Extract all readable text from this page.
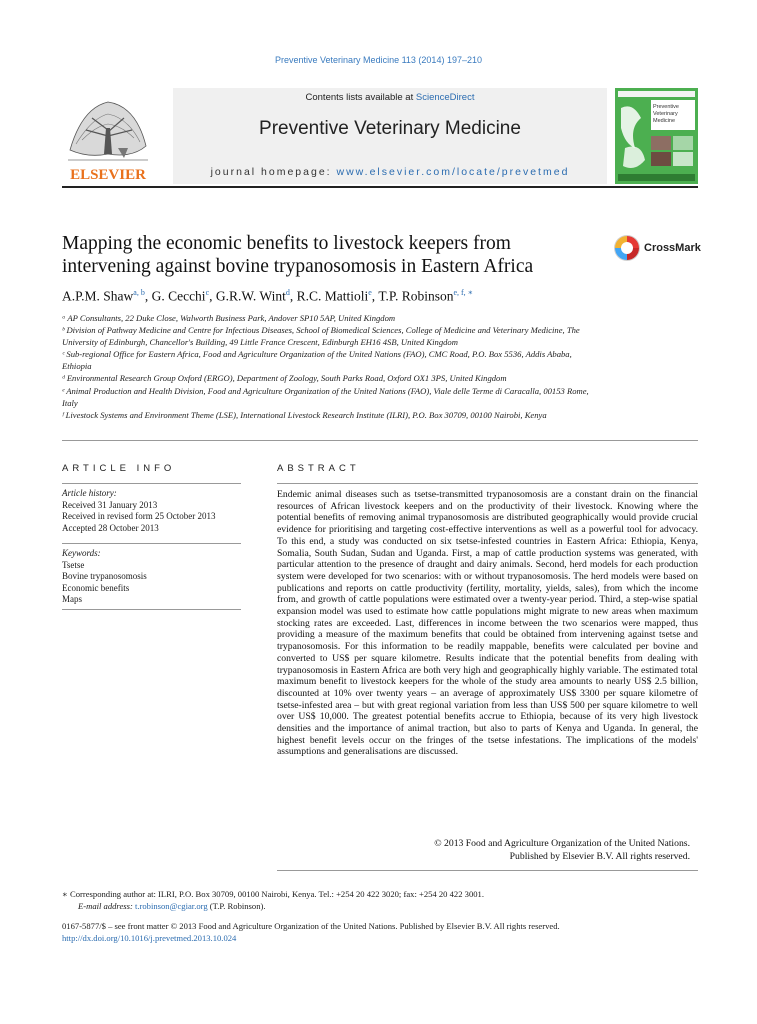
Preventive Veterinary Medicine 113 (2014) 197–210
ELSEVIER
Contents lists available at ScienceDirect
Preventive Veterinary Medicine
journal homepage: www.elsevier.com/locate/prevetmed
Preventive
Veterinary
Medicine
Mapping the economic benefits to livestock keepers from intervening against bovine trypanosomosis in Eastern Africa
CrossMark
A.P.M. Shaw$^{a, b}$, G. Cecchi$^c$, G.R.W. Wint$^d$, R.C. Mattioli$^e$, T.P. Robinson$^{e, f, ∗}$
ᵃ AP Consultants, 22 Duke Close, Walworth Business Park, Andover SP10 5AP, United Kingdom
ᵇ Division of Pathway Medicine and Centre for Infectious Diseases, School of Biomedical Sciences, College of Medicine and Veterinary Medicine, The University of Edinburgh, Chancellor's Building, 49 Little France Crescent, Edinburgh EH16 4SB, United Kingdom
ᶜ Sub-regional Office for Eastern Africa, Food and Agriculture Organization of the United Nations (FAO), CMC Road, P.O. Box 5536, Addis Ababa, Ethiopia
ᵈ Environmental Research Group Oxford (ERGO), Department of Zoology, South Parks Road, Oxford OX1 3PS, United Kingdom
ᵉ Animal Production and Health Division, Food and Agriculture Organization of the United Nations (FAO), Viale delle Terme di Caracalla, 00153 Rome, Italy
ᶠ Livestock Systems and Environment Theme (LSE), International Livestock Research Institute (ILRI), P.O. Box 30709, 00100 Nairobi, Kenya
ARTICLE INFO	ABSTRACT
Article history:
Received 31 January 2013
Received in revised form 25 October 2013
Accepted 28 October 2013
Keywords:
Tsetse
Bovine trypanosomosis
Economic benefits
Maps
Endemic animal diseases such as tsetse-transmitted trypanosomosis are a constant drain on the financial resources of African livestock keepers and on the productivity of their livestock. Knowing where the potential benefits of removing animal trypanosomosis are distributed geographically would provide crucial evidence for prioritising and targeting cost-effective interventions as well as a powerful tool for advocacy. To this end, a study was conducted on six tsetse-infested countries in Eastern Africa: Ethiopia, Kenya, Somalia, South Sudan, Sudan and Uganda. First, a map of cattle production systems was generated, with particular attention to the presence of draught and dairy animals. Second, herd models for each production system were developed for two scenarios: with or without trypanosomosis. The herd models were based on publications and reports on cattle productivity (fertility, mortality, yields, sales), from which the income from, and growth of cattle populations were estimated over a twenty-year period. Third, a step-wise spatial expansion model was used to estimate how cattle populations might migrate to new areas when maximum stocking rates are exceeded. Last, differences in income between the two scenarios were mapped, thus providing a measure of the maximum benefits that could be obtained from intervening against tsetse and trypanosomosis. For this information to be readily mappable, benefits were calculated per bovine and converted to US$ per square kilometre. Results indicate that the potential benefits from dealing with trypanosomosis in Eastern Africa are both very high and geographically highly variable. The estimated total maximum benefit to livestock keepers for the whole of the study area amounts to nearly US$ 2.5 billion, discounted at 10% over twenty years – an average of approximately US$ 3300 per square kilometre of tsetse-infested area – but with great regional variation from less than US$ 500 per square kilometre to well over US$ 10,000. The greatest potential benefits accrue to Ethiopia, because of its very high livestock densities and the importance of animal traction, but also to parts of Kenya and Uganda. In general, the highest benefit levels occur on the fringes of the tsetse infestations. The implications of the models' assumptions and generalisations are discussed.
© 2013 Food and Agriculture Organization of the United Nations.
Published by Elsevier B.V. All rights reserved.
∗ Corresponding author at: ILRI, P.O. Box 30709, 00100 Nairobi, Kenya. Tel.: +254 20 422 3020; fax: +254 20 422 3001.
E-mail address: t.robinson@cgiar.org (T.P. Robinson).
0167-5877/$ – see front matter © 2013 Food and Agriculture Organization of the United Nations. Published by Elsevier B.V. All rights reserved.
http://dx.doi.org/10.1016/j.prevetmed.2013.10.024
